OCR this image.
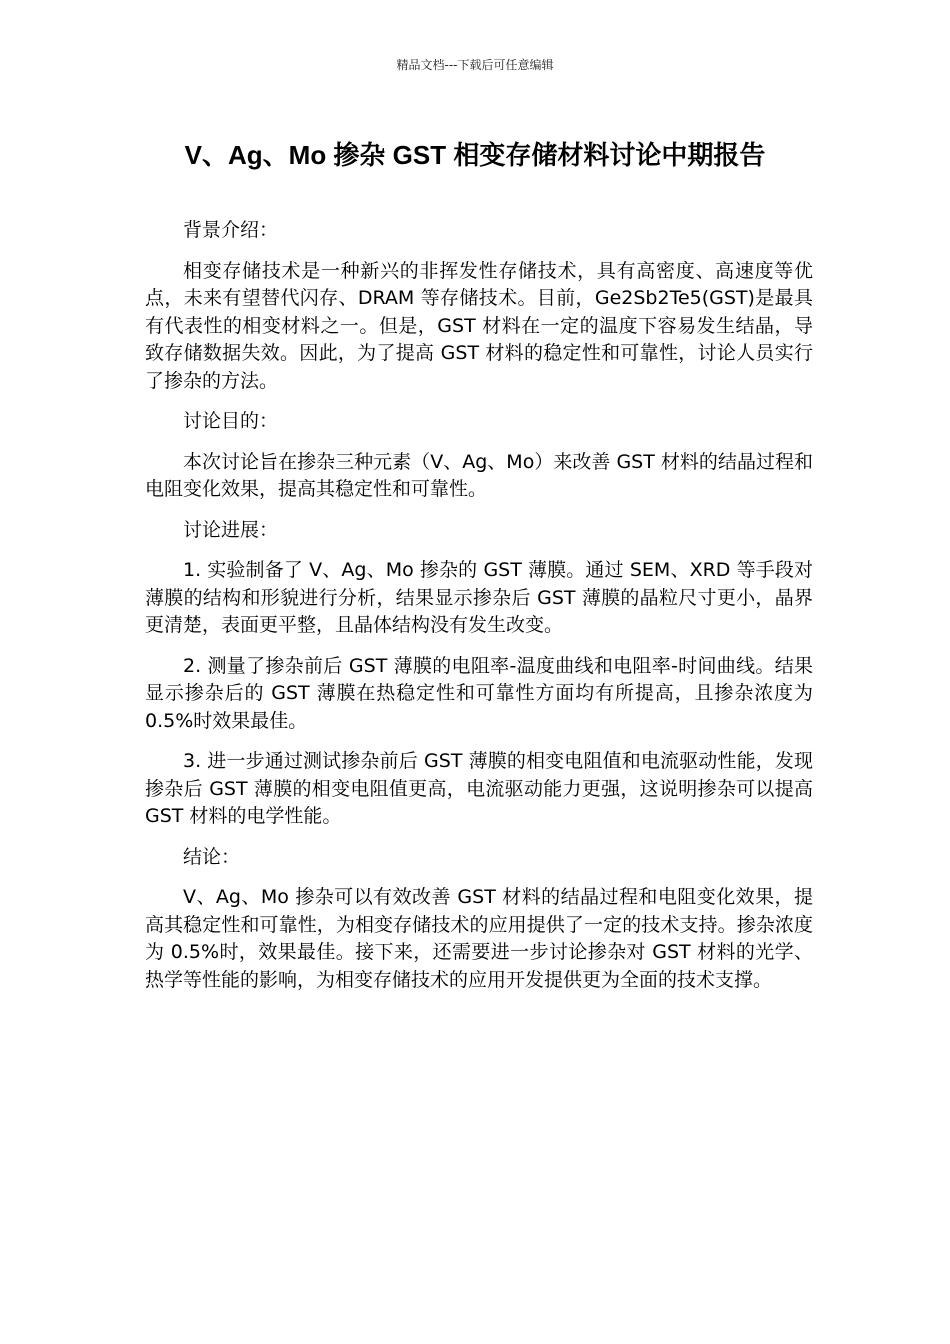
精品文档---下载后可任意编辑
V、Ag、Mo 掺杂 GST 相变存储材料讨论中期报告

背景介绍：

相变存储技术是一种新兴的非挥发性存储技术，具有高密度、高速度等优点，未来有望替代闪存、DRAM 等存储技术。目前，Ge2Sb2Te5(GST)是最具有代表性的相变材料之一。但是，GST 材料在一定的温度下容易发生结晶，导致存储数据失效。因此，为了提高 GST 材料的稳定性和可靠性，讨论人员实行了掺杂的方法。

讨论目的：

本次讨论旨在掺杂三种元素（V、Ag、Mo）来改善 GST 材料的结晶过程和电阻变化效果，提高其稳定性和可靠性。

讨论进展：

1. 实验制备了 V、Ag、Mo 掺杂的 GST 薄膜。通过 SEM、XRD 等手段对薄膜的结构和形貌进行分析，结果显示掺杂后 GST 薄膜的晶粒尺寸更小，晶界更清楚，表面更平整，且晶体结构没有发生改变。

2. 测量了掺杂前后 GST 薄膜的电阻率-温度曲线和电阻率-时间曲线。结果显示掺杂后的 GST 薄膜在热稳定性和可靠性方面均有所提高，且掺杂浓度为 0.5%时效果最佳。

3. 进一步通过测试掺杂前后 GST 薄膜的相变电阻值和电流驱动性能，发现掺杂后 GST 薄膜的相变电阻值更高，电流驱动能力更强，这说明掺杂可以提高 GST 材料的电学性能。

结论：

V、Ag、Mo 掺杂可以有效改善 GST 材料的结晶过程和电阻变化效果，提高其稳定性和可靠性，为相变存储技术的应用提供了一定的技术支持。掺杂浓度为 0.5%时，效果最佳。接下来，还需要进一步讨论掺杂对 GST 材料的光学、热学等性能的影响，为相变存储技术的应用开发提供更为全面的技术支撑。
